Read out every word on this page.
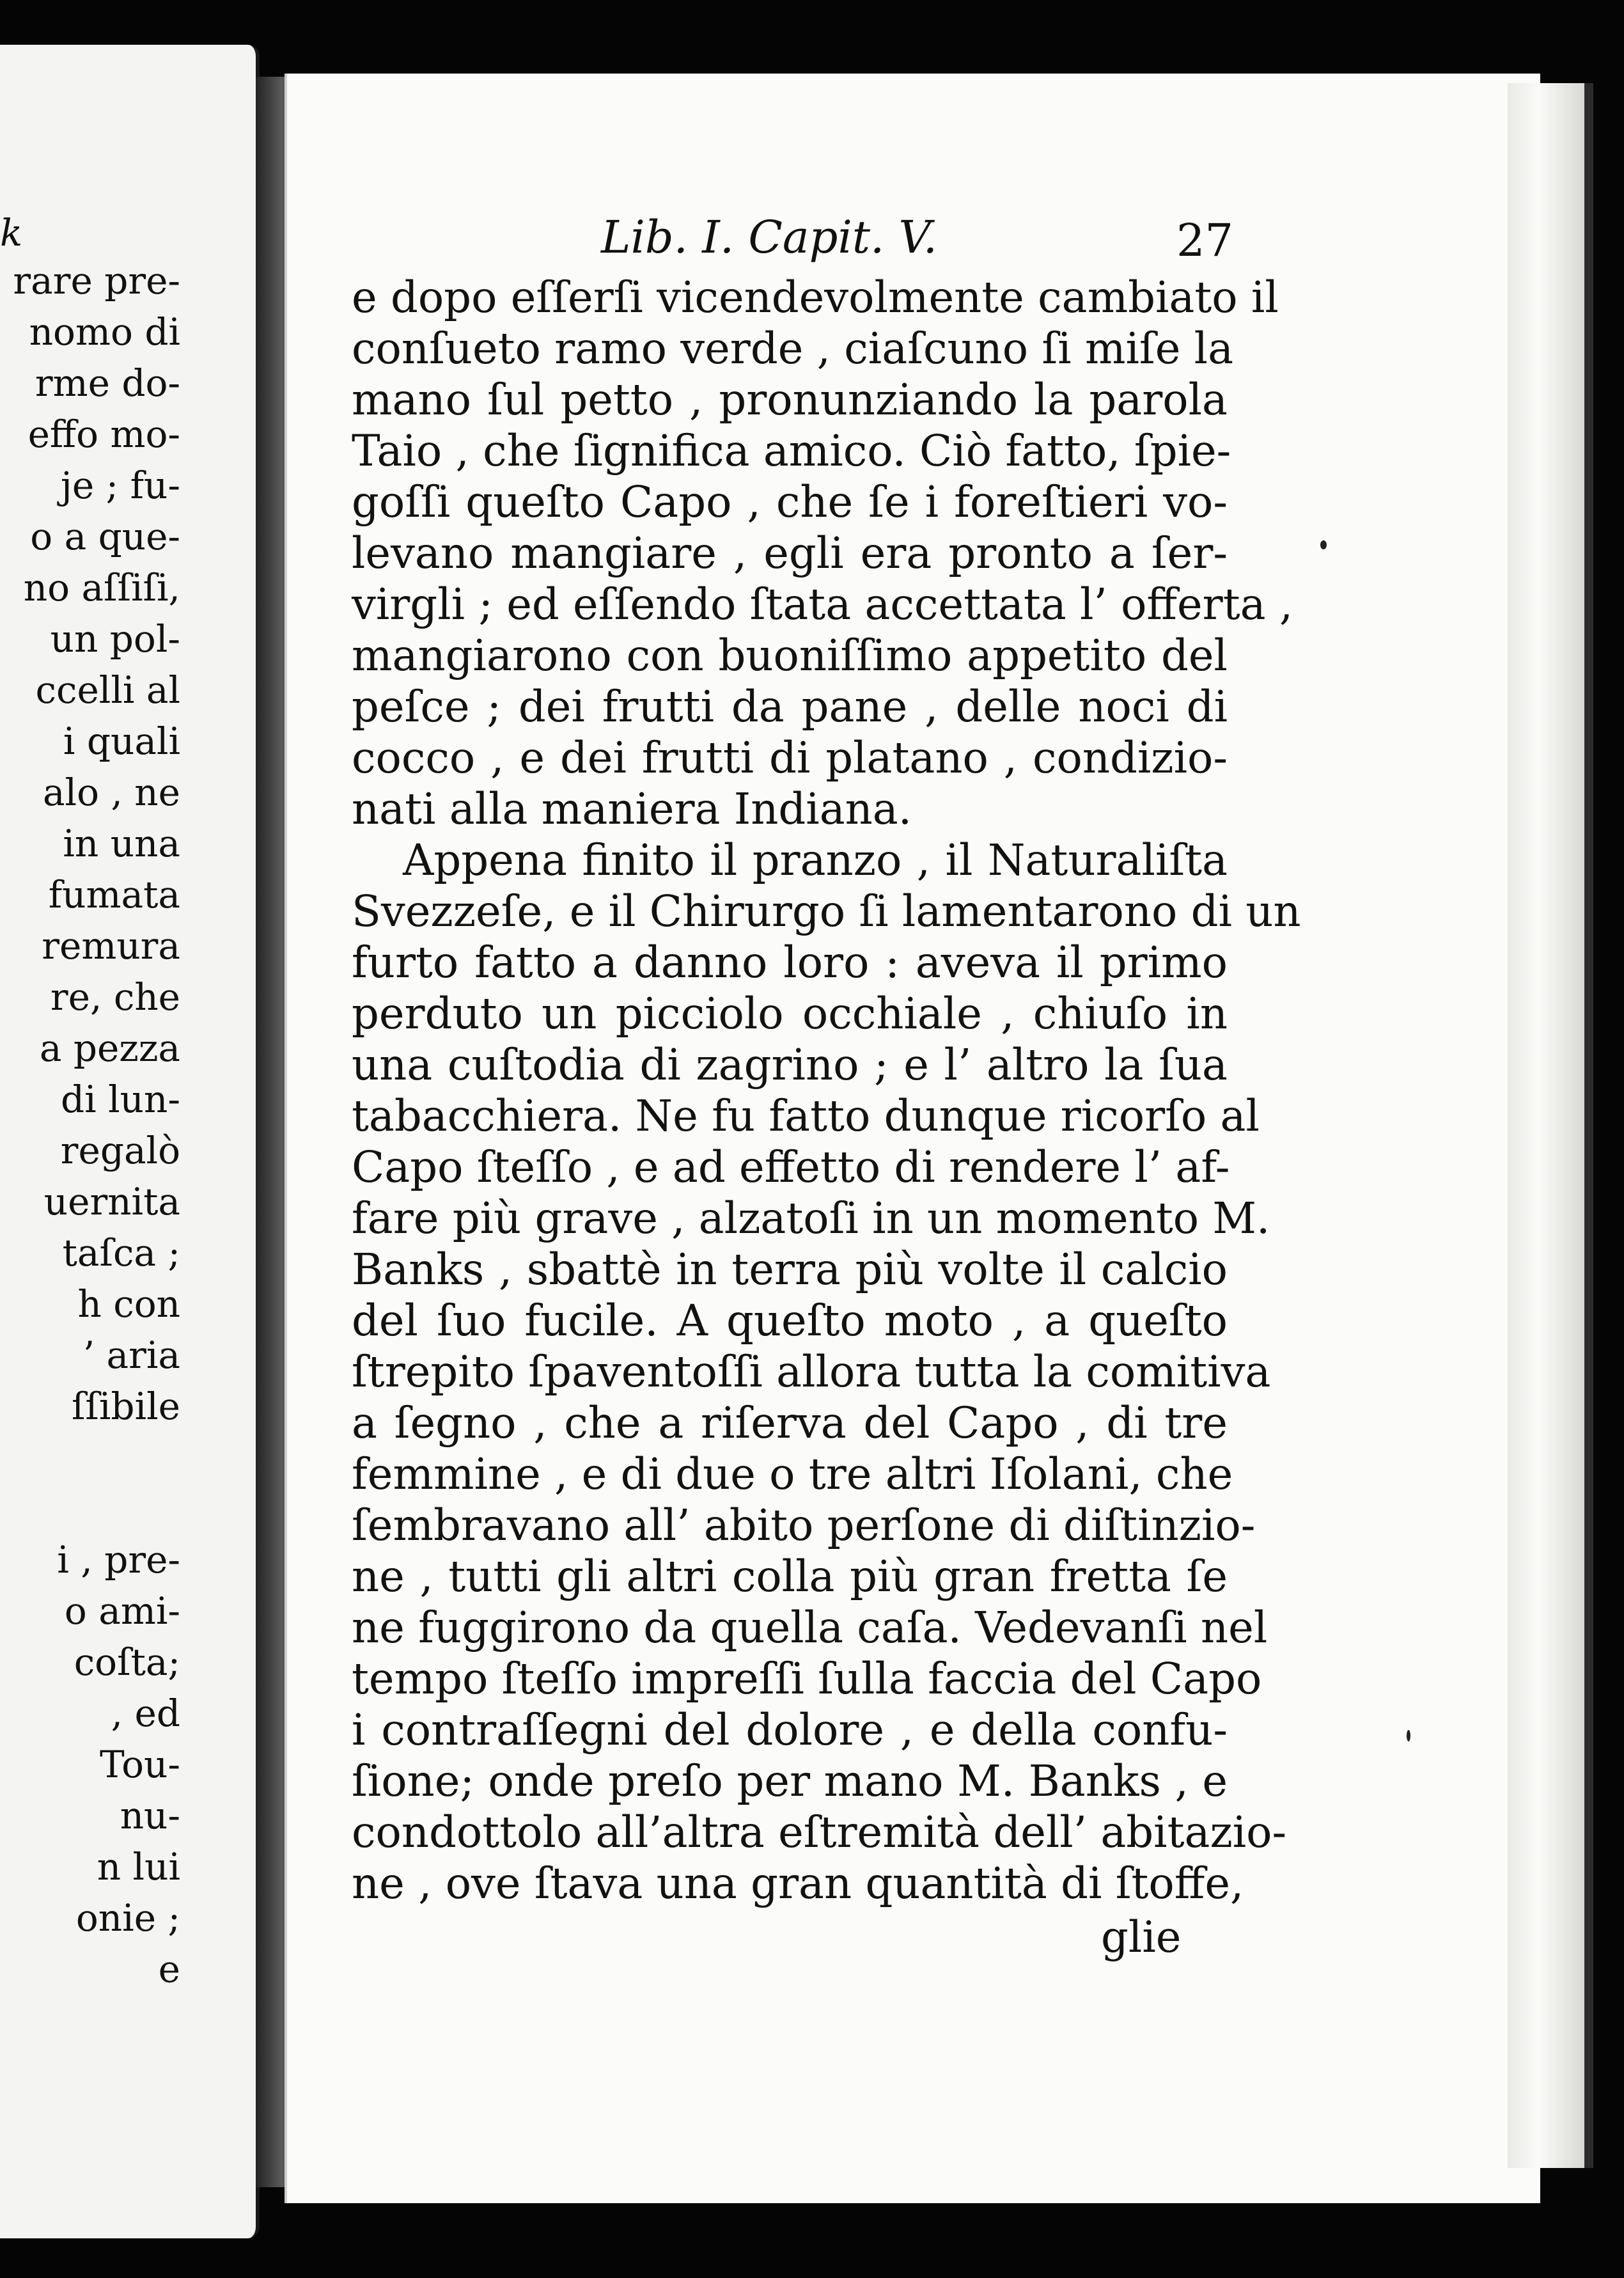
k
rare pre-
nomo di
rme do-
effo mo-
je ; fu-
o a que-
no aſſiſi,
un pol-
ccelli al
i quali
alo , ne
in una
fumata
remura
re, che
a pezza
di lun-
regalò
uernita
taſca ;
h con
’ aria
ſſibile
i , pre-
o ami-
coſta;
, ed
Tou-
nu-
n lui
onie ;
e
Lib. I. Capit. V.	27
e dopo eſſerſi vicendevolmente cambiato il
conſueto ramo verde , ciaſcuno ſi miſe la
mano ſul petto , pronunziando la parola
Taio , che ſignifica amico. Ciò fatto, ſpie-
goſſi queſto Capo , che ſe i foreſtieri vo-
levano mangiare , egli era pronto a ſer-
virgli ; ed eſſendo ſtata accettata l’ offerta ,
mangiarono con buoniſſimo appetito del
peſce ; dei frutti da pane , delle noci di
cocco , e dei frutti di platano , condizio-
nati alla maniera Indiana.
Appena finito il pranzo , il Naturaliſta
Svezzeſe, e il Chirurgo ſi lamentarono di un
furto fatto a danno loro : aveva il primo
perduto un picciolo occhiale , chiuſo in
una cuſtodia di zagrino ; e l’ altro la ſua
tabacchiera. Ne fu fatto dunque ricorſo al
Capo ſteſſo , e ad effetto di rendere l’ af-
fare più grave , alzatoſi in un momento M.
Banks , sbattè in terra più volte il calcio
del ſuo fucile. A queſto moto , a queſto
ſtrepito ſpaventoſſi allora tutta la comitiva
a ſegno , che a riſerva del Capo , di tre
femmine , e di due o tre altri Iſolani, che
ſembravano all’ abito perſone di diſtinzio-
ne , tutti gli altri colla più gran fretta ſe
ne fuggirono da quella caſa. Vedevanſi nel
tempo ſteſſo impreſſi ſulla faccia del Capo
i contraſſegni del dolore , e della confu-
ſione; onde preſo per mano M. Banks , e
condottolo all’altra eſtremità dell’ abitazio-
ne , ove ſtava una gran quantità di ſtoffe,
glie
